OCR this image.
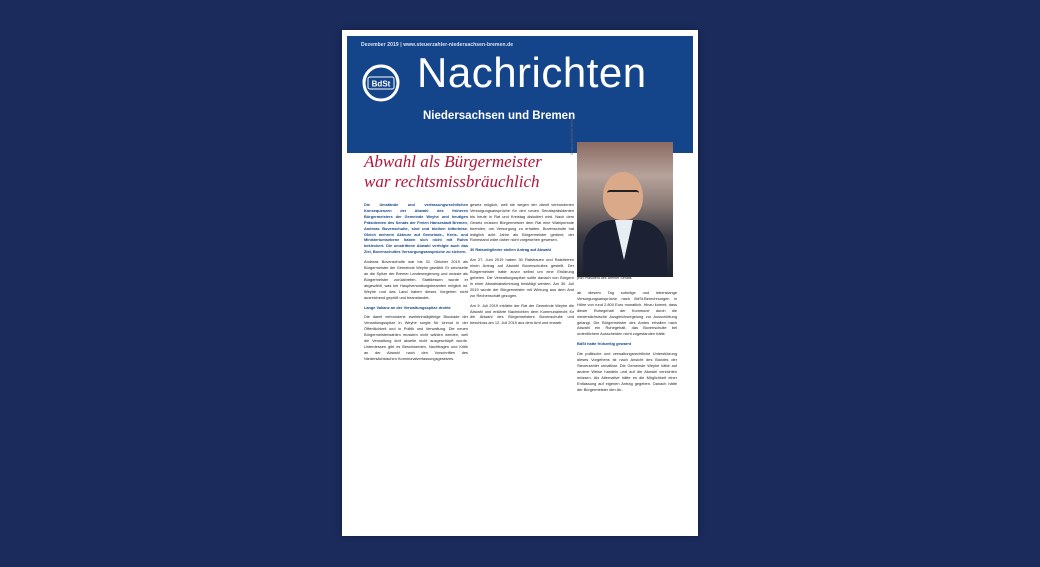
Dezember 2019 | www.steuerzahler-niedersachsen-bremen.de
BdSt Nachrichten
Niedersachsen und Bremen
Bovenschultes unsauberer Abgang aus Weyhe
Abwahl als Bürgermeister
war rechtsmissbräuchlich
Senatspressestelle Bremen
Dr. Andreas Bovenschulte,
jetzt Präsident des Bremer Senats

Die Umstände und verfassungsrechtlichen Konsequenzen der Abwahl des früheren Bürgermeisters der Gemeinde Weyhe und heutigen Präsidenten des Senats der Freien Hansestadt Bremen, Andreas Bovenschulte, sind und bleiben bitterböse. Gleich mehrere Akteure auf Gemeinde-, Kreis- und Ministeriumsebene haben sich nicht mit Ruhm bekleckert. Die umstrittene Abwahl verfolgte auch das Ziel, Bovenschultes Versorgungsansprüche zu sichern.

Andreas Bovenschulte war bis 31. Oktober 2019 als Bürgermeister der Gemeinde Weyhe gewählt. Er wechselte an die Spitze der Bremer Landesregierung und musste als Bürgermeister zurücktreten. Stattdessen wurde er abgewählt, was bei Hauptverwaltungsbeamten möglich ist. Weyhe und das Land haben dieses Vorgehen nicht ausreichend geprüft und beanstandet.

Lange Vakanz an der Verwaltungsspitze drohte

Die damit verbundene zweieinhalbjährige Blockade der Verwaltungsspitze in Weyhe sorgte für Unmut in der Öffentlichkeit und in Politik und Verwaltung. Die neuen Bürgermeisterwahlen mussten nicht wählen werden, weil die Verwaltung dort akuelle nicht ausgeschöpft wurde. Unterdessen gibt es Beschwerden, Nachfragen und Kritik an der Abwahl nach den Vorschriften des Niedersächsischen Kommunalverfassungsgesetzes.

gesetz möglich, weil sie wegen der damit verbundenen Versorgungsansprüche für den neuen Senatspräsidenten bis heute in Rat und Kreistag diskutiert wird. Nach dem Gesetz müssen Bürgermeister dem Rat eine Wahlperiode beenden, um Versorgung zu erhalten. Bovenschulte hat lediglich acht Jahre als Bürgermeister gedient, der Ruhestand wäre daher nicht vorgesehen gewesen.

30 Ratsmitglieder stellen Antrag auf Abwahl

Am 27. Juni 2019 haben 30 Ratsfrauen und Ratsherren einen Antrag auf Abwahl Bovenschultes gestellt. Der Bürgermeister hatte zuvor selbst um eine Erklärung gebeten. Die Verwaltungsspitze sollte danach von Bürgern in einer Abwahlabstimmung bestätigt werden. Am 30. Juli 2019 wurde der Bürgermeister mit Wirkung aus dem Amt zur Rechenschaft gezogen.

Am 9. Juli 2019 erklärte der Rat der Gemeinde Weyhe die Abwahl und erklärte Nachrichten dem Kommunalrecht für die Abwahl des Bürgermeisters Bovenschulte und beschloss am 12. Juli 2019 aus dem Amt und erwarb

ab diesem Tag sofortige und lebenslange Versorgungsansprüche nach BdSt-Berechnungen in Höhe von rund 2.800 Euro monatlich. Hinzu kommt, dass dieser Ruhegehalt der Kommune durch die niedersächsische Ausgleichsregelung zur Ausschüttung gelangt. Die Bürgermeister des Amtes erhalten nach Abwahl ein Ruhegehalt, das Bovenschulte bei ordentlichem Ausscheiden nicht zugestanden hätte.

BdSt hatte frühzeitig gewarnt

Die politische und verwaltungsrechtliche Unterstützung dieses Vorgehens ist nach Ansicht des Bundes der Steuerzahler unhaltbar. Die Gemeinde Weyhe hätte auf andere Weise handeln und auf die Abwahl verzichten müssen. Als Alternative hätte es die Möglichkeit einer Entlassung auf eigenen Antrag gegeben. Danach hätte der Bürgermeister den An-
